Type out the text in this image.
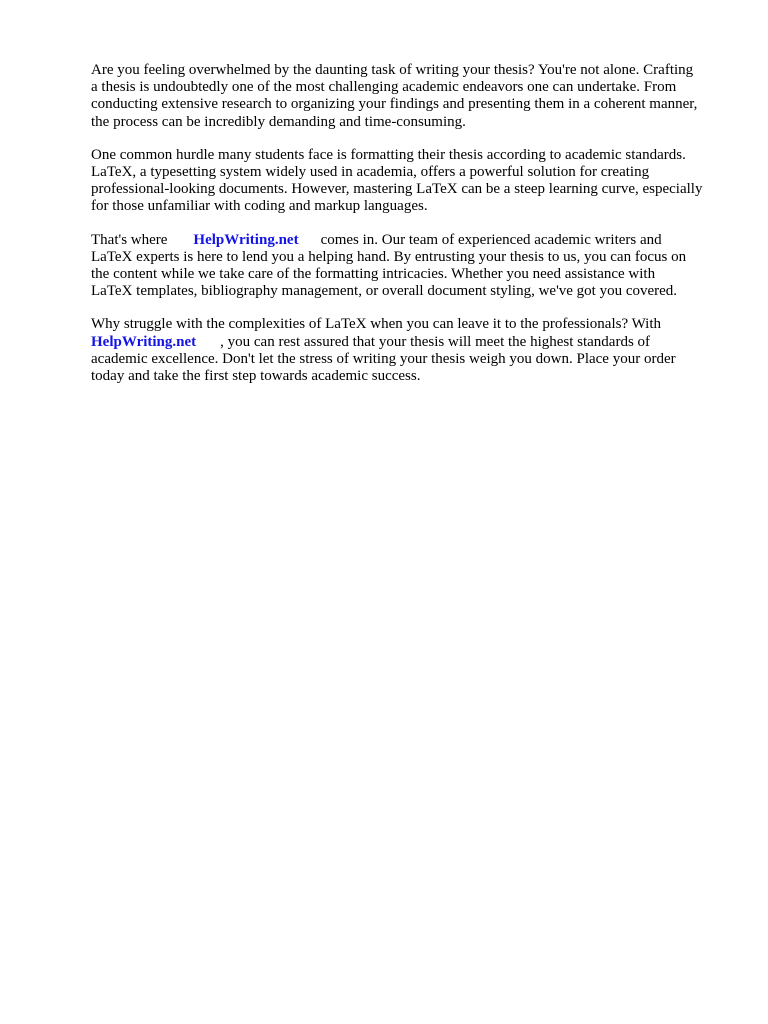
Are you feeling overwhelmed by the daunting task of writing your thesis? You're not alone. Crafting
a thesis is undoubtedly one of the most challenging academic endeavors one can undertake. From
conducting extensive research to organizing your findings and presenting them in a coherent manner,
the process can be incredibly demanding and time-consuming.

One common hurdle many students face is formatting their thesis according to academic standards.
LaTeX, a typesetting system widely used in academia, offers a powerful solution for creating
professional-looking documents. However, mastering LaTeX can be a steep learning curve, especially
for those unfamiliar with coding and markup languages.

That's where HelpWriting.net comes in. Our team of experienced academic writers and
LaTeX experts is here to lend you a helping hand. By entrusting your thesis to us, you can focus on
the content while we take care of the formatting intricacies. Whether you need assistance with
LaTeX templates, bibliography management, or overall document styling, we've got you covered.

Why struggle with the complexities of LaTeX when you can leave it to the professionals? With
HelpWriting.net , you can rest assured that your thesis will meet the highest standards of
academic excellence. Don't let the stress of writing your thesis weigh you down. Place your order
today and take the first step towards academic success.
